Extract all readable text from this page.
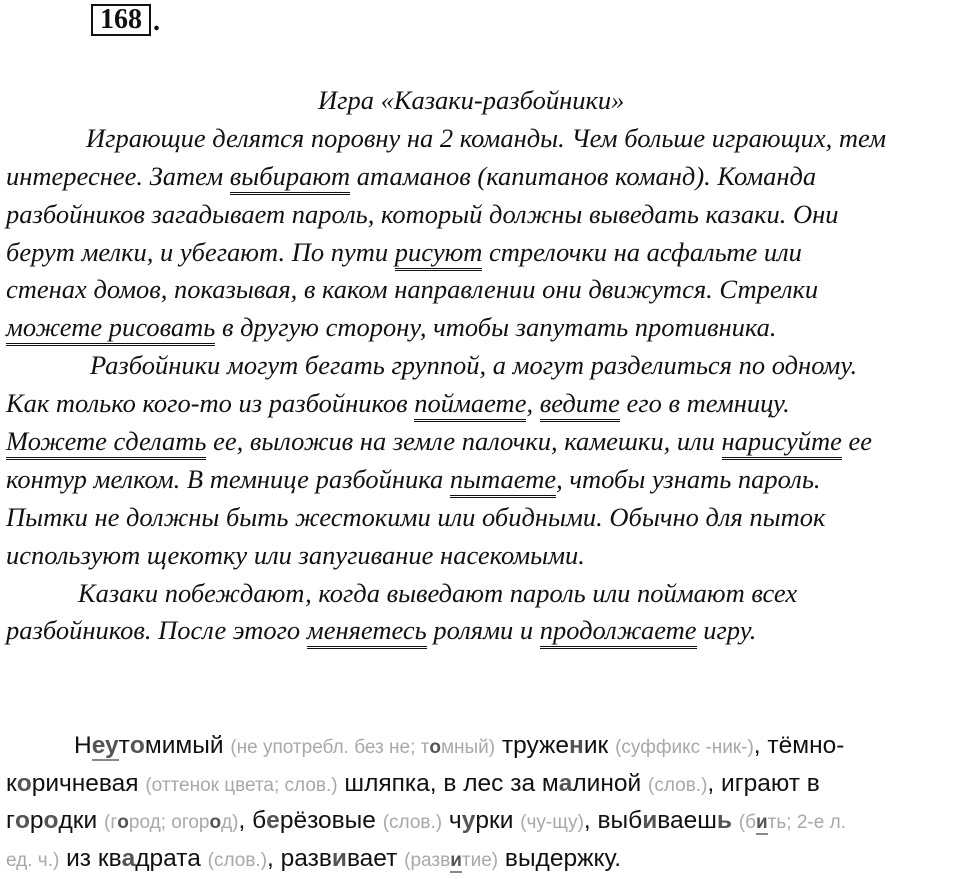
168 .
Игра «Казаки-разбойники»
Играющие делятся поровну на 2 команды. Чем больше играющих, тем
интереснее. Затем выбирают атаманов (капитанов команд). Команда
разбойников загадывает пароль, который должны выведать казаки. Они
берут мелки, и убегают. По пути рисуют стрелочки на асфальте или
стенах домов, показывая, в каком направлении они движутся. Стрелки
можете рисовать в другую сторону, чтобы запутать противника.
Разбойники могут бегать группой, а могут разделиться по одному.
Как только кого-то из разбойников поймаете, ведите его в темницу.
Можете сделать ее, выложив на земле палочки, камешки, или нарисуйте ее
контур мелком. В темнице разбойника пытаете, чтобы узнать пароль.
Пытки не должны быть жестокими или обидными. Обычно для пыток
используют щекотку или запугивание насекомыми.
Казаки побеждают, когда выведают пароль или поймают всех
разбойников. После этого меняетесь ролями и продолжаете игру.
Неутомимый (не употребл. без не; томный) труженик (суффикс -ник-), тёмно-
коричневая (оттенок цвета; слов.) шляпка, в лес за малиной (слов.), играют в
городки (город; огород), берёзовые (слов.) чурки (чу-щу), выбиваешь (бить; 2-е л.
ед. ч.) из квадрата (слов.), развивает (развитие) выдержку.
